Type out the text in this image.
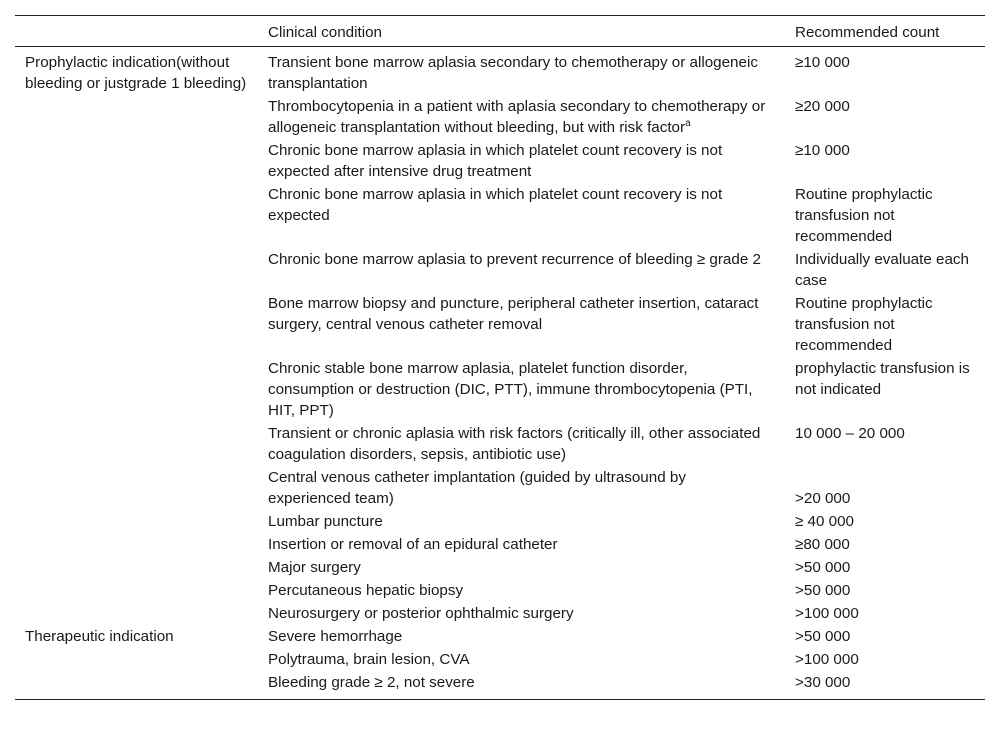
	Clinical condition	Recommended count
Prophylactic indication(without bleeding or justgrade 1 bleeding)	Transient bone marrow aplasia secondary to chemotherapy or allogeneic transplantation	≥10 000
	Thrombocytopenia in a patient with aplasia secondary to chemotherapy or allogeneic transplantation without bleeding, but with risk factor$^a$	≥20 000
	Chronic bone marrow aplasia in which platelet count recovery is not expected after intensive drug treatment	≥10 000
	Chronic bone marrow aplasia in which platelet count recovery is not expected	Routine prophylactic transfusion not recommended
	Chronic bone marrow aplasia to prevent recurrence of bleeding ≥ grade 2	Individually evaluate each case
	Bone marrow biopsy and puncture, peripheral catheter insertion, cataract surgery, central venous catheter removal	Routine prophylactic transfusion not recommended
	Chronic stable bone marrow aplasia, platelet function disorder, consumption or destruction (DIC, PTT), immune thrombocytopenia (PTI, HIT, PPT)	prophylactic transfusion is not indicated
	Transient or chronic aplasia with risk factors (critically ill, other associated coagulation disorders, sepsis, antibiotic use)	10 000 – 20 000
	Central venous catheter implantation (guided by ultrasound by experienced team)	>20 000
	Lumbar puncture	≥ 40 000
	Insertion or removal of an epidural catheter	≥80 000
	Major surgery	>50 000
	Percutaneous hepatic biopsy	>50 000
	Neurosurgery or posterior ophthalmic surgery	>100 000
Therapeutic indication	Severe hemorrhage	>50 000
	Polytrauma, brain lesion, CVA	>100 000
	Bleeding grade ≥ 2, not severe	>30 000
